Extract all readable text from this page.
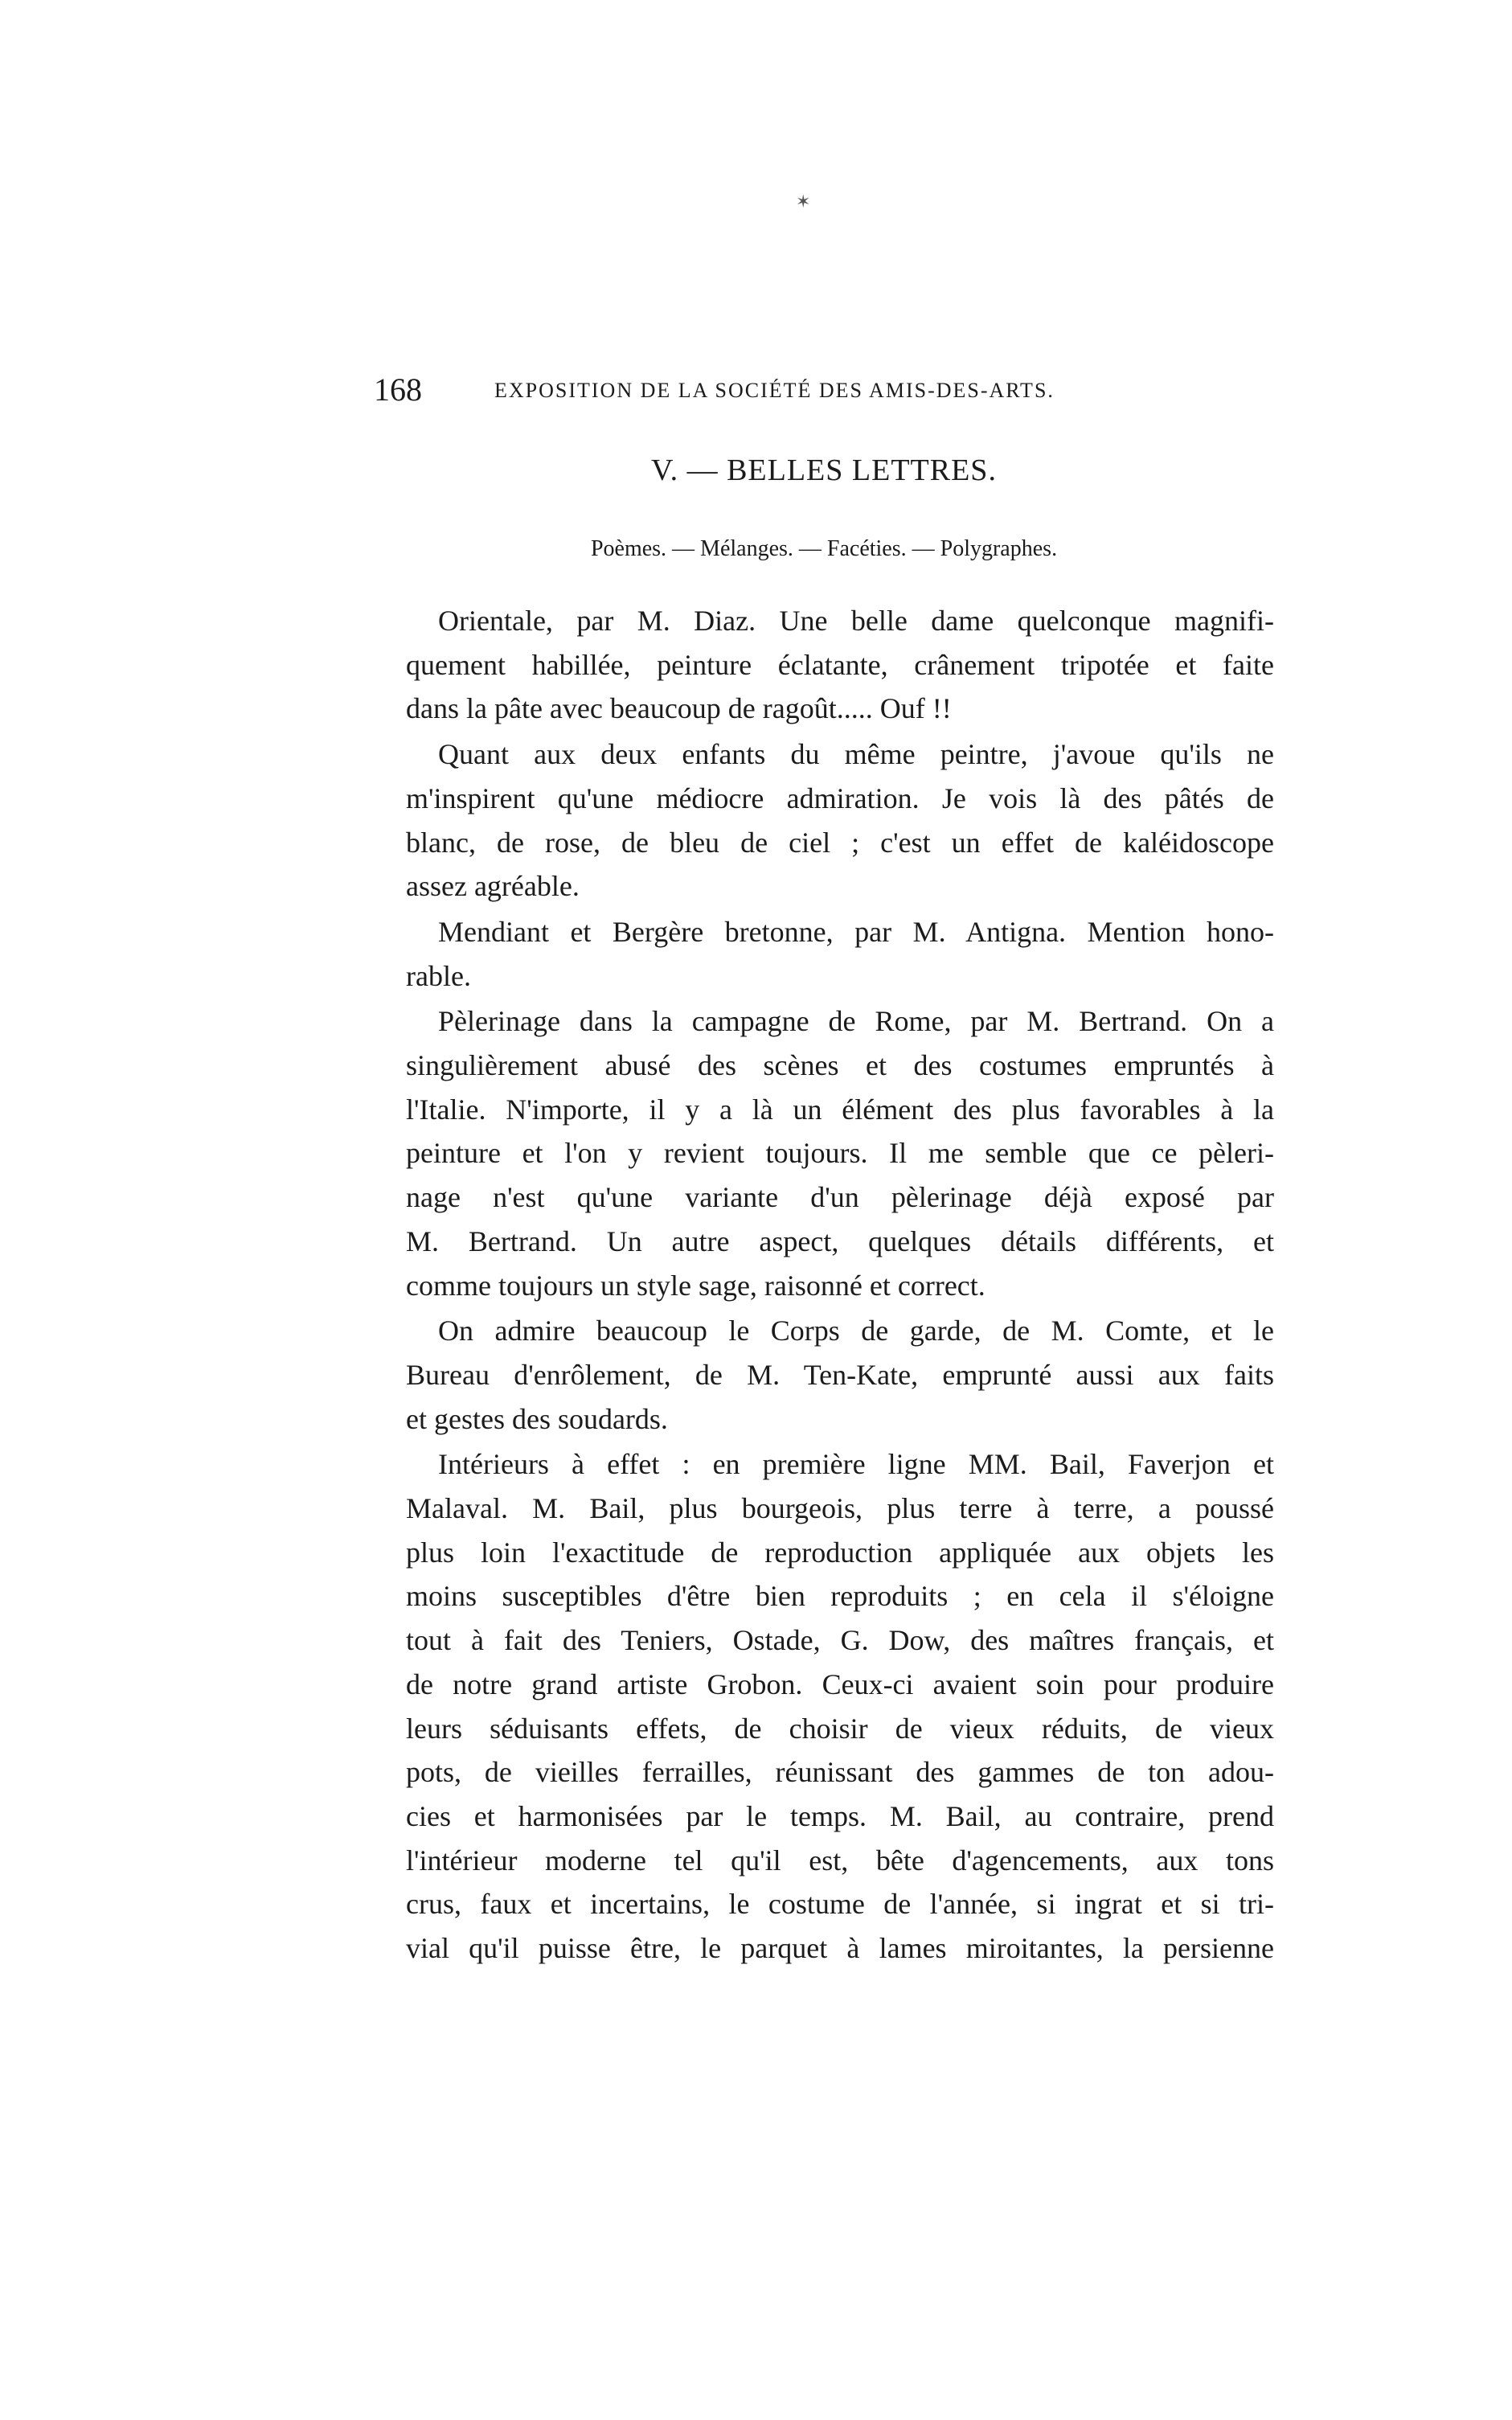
✶
168	EXPOSITION DE LA SOCIÉTÉ DES AMIS-DES-ARTS.
V. — BELLES LETTRES.
Poèmes. — Mélanges. — Facéties. — Polygraphes.
Orientale, par M. Diaz. Une belle dame quelconque magnifi-
quement habillée, peinture éclatante, crânement tripotée et faite
dans la pâte avec beaucoup de ragoût..... Ouf !!
Quant aux deux enfants du même peintre, j'avoue qu'ils ne
m'inspirent qu'une médiocre admiration. Je vois là des pâtés de
blanc, de rose, de bleu de ciel ; c'est un effet de kaléidoscope
assez agréable.
Mendiant et Bergère bretonne, par M. Antigna. Mention hono-
rable.
Pèlerinage dans la campagne de Rome, par M. Bertrand. On a
singulièrement abusé des scènes et des costumes empruntés à
l'Italie. N'importe, il y a là un élément des plus favorables à la
peinture et l'on y revient toujours. Il me semble que ce pèleri-
nage n'est qu'une variante d'un pèlerinage déjà exposé par
M. Bertrand. Un autre aspect, quelques détails différents, et
comme toujours un style sage, raisonné et correct.
On admire beaucoup le Corps de garde, de M. Comte, et le
Bureau d'enrôlement, de M. Ten-Kate, emprunté aussi aux faits
et gestes des soudards.
Intérieurs à effet : en première ligne MM. Bail, Faverjon et
Malaval. M. Bail, plus bourgeois, plus terre à terre, a poussé
plus loin l'exactitude de reproduction appliquée aux objets les
moins susceptibles d'être bien reproduits ; en cela il s'éloigne
tout à fait des Teniers, Ostade, G. Dow, des maîtres français, et
de notre grand artiste Grobon. Ceux-ci avaient soin pour produire
leurs séduisants effets, de choisir de vieux réduits, de vieux
pots, de vieilles ferrailles, réunissant des gammes de ton adou-
cies et harmonisées par le temps. M. Bail, au contraire, prend
l'intérieur moderne tel qu'il est, bête d'agencements, aux tons
crus, faux et incertains, le costume de l'année, si ingrat et si tri-
vial qu'il puisse être, le parquet à lames miroitantes, la persienne
